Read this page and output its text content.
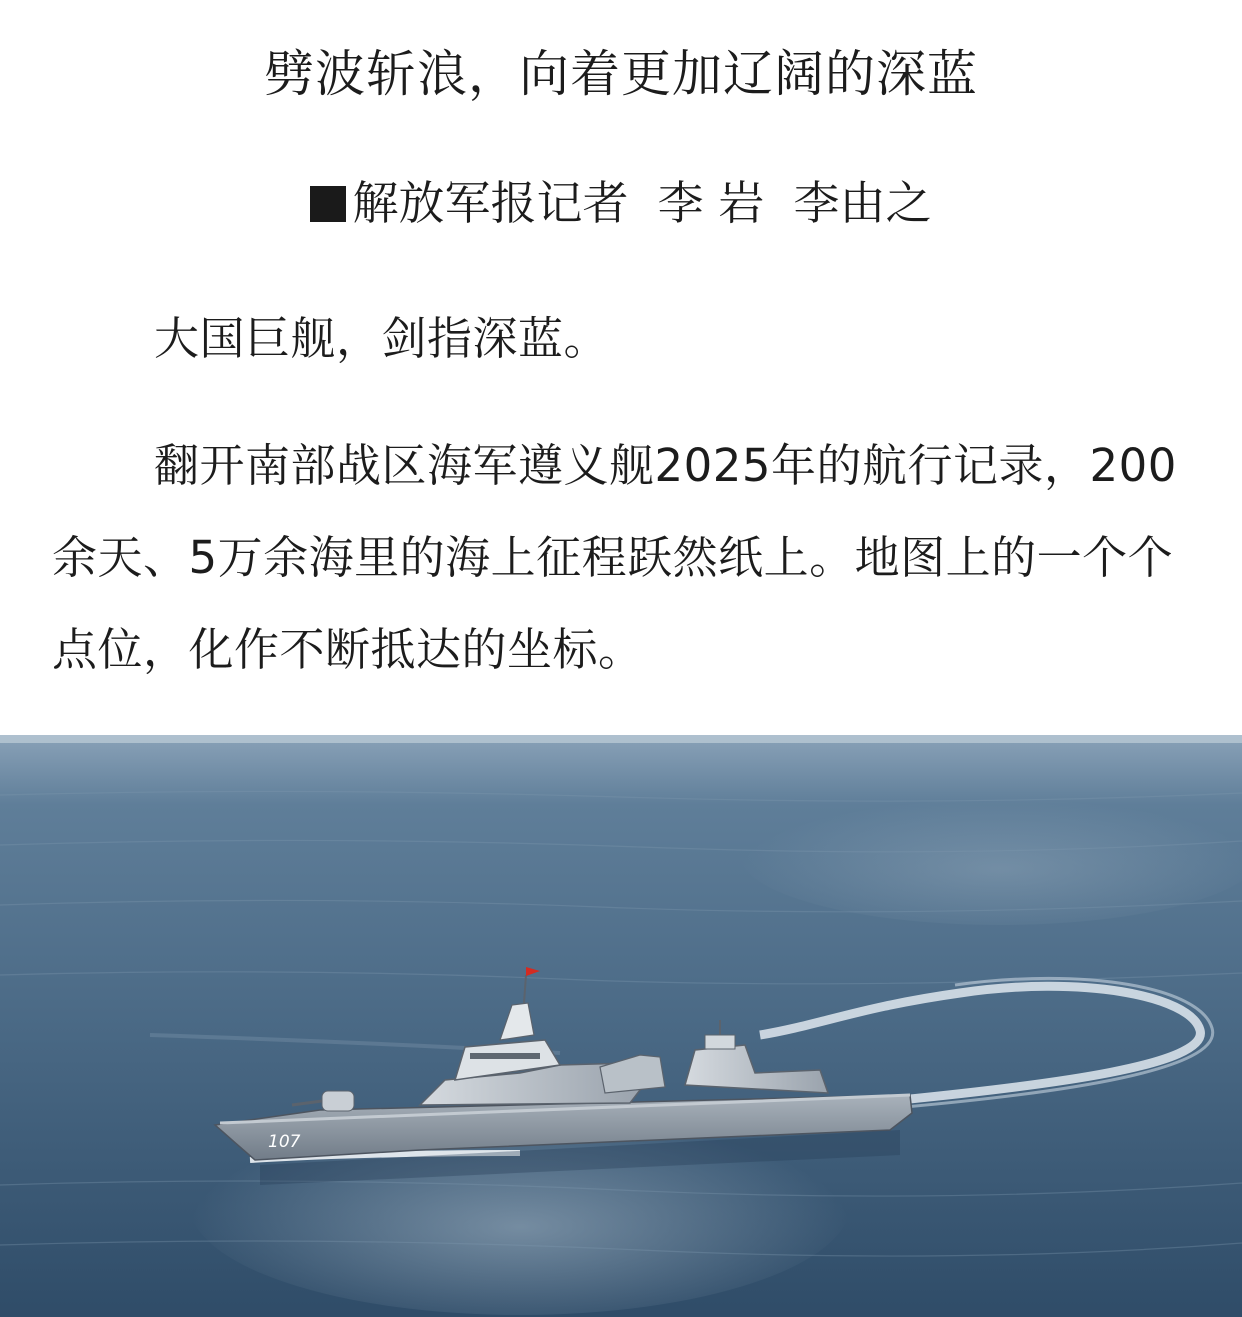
劈波斩浪，向着更加辽阔的深蓝
解放军报记者  李 岩  李由之
大国巨舰，剑指深蓝。
翻开南部战区海军遵义舰2025年的航行记录，200余天、5万余海里的海上征程跃然纸上。地图上的一个个点位，化作不断抵达的坐标。
107
